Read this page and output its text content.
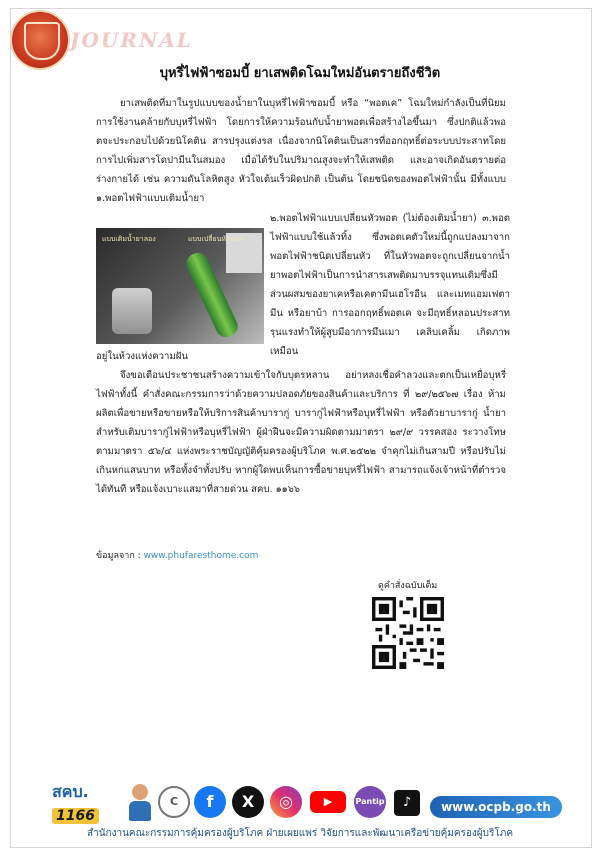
JOURNAL
บุหรี่ไฟฟ้าซอมบี้ ยาเสพติดโฉมใหม่อันตรายถึงชีวิต
ยาเสพติดที่มาในรูปแบบของน้ำยาในบุหรี่ไฟฟ้าซอมบี้ หรือ “พอตเค” โฉมใหม่กำลังเป็นที่นิยมการใช้งานคล้ายกับบุหรี่ไฟฟ้า โดยการให้ความร้อนกับน้ำยาพอตเพื่อสร้างไอขึ้นมา ซึ่งปกติแล้วพอตจะประกอบไปด้วยนิโคติน สารปรุงแต่งรส เนื่องจากนิโคตินเป็นสารที่ออกฤทธิ์ต่อระบบประสาทโดยการไปเพิ่มสารโดปามีนในสมอง เมื่อได้รับในปริมาณสูงจะทำให้เสพติด และอาจเกิดอันตรายต่อร่างกายได้ เช่น ความดันโลหิตสูง หัวใจเต้นเร็วผิดปกติ เป็นต้น โดยชนิดของพอตไฟฟ้านั้น มีทั้งแบบ ๑.พอตไฟฟ้าแบบเติมน้ำยา
แบบเติมน้ำยาลอง	แบบเปลี่ยนหัวพอต
๒.พอตไฟฟ้าแบบเปลี่ยนหัวพอต (ไม่ต้องเติมน้ำยา) ๓.พอตไฟฟ้าแบบใช้แล้วทิ้ง ซึ่งพอตเคตัวใหม่นี้ถูกแปลงมาจากพอตไฟฟ้าชนิดเปลี่ยนหัว ที่ในหัวพอตจะถูกเปลี่ยนจากน้ำยาพอตไฟฟ้าเป็นการนำสารเสพติดมาบรรจุแทนเดิมซึ่งมีส่วนผสมของยาเคหรือเคตามีนเฮโรอีน และเมทแอมเฟตามีน หรือยาบ้า การออกฤทธิ์พอตเค จะมีฤทธิ์หลอนประสาทรุนแรงทำให้ผู้สูบมีอาการมึนเมา เคลิบเคลิ้ม เกิดภาพเหมือน
อยู่ในห้วงแห่งความฝัน
จึงขอเตือนประชาชนสร้างความเข้าใจกับบุตรหลาน อย่าหลงเชื่อคำลวงและตกเป็นเหยื่อบุหรี่ไฟฟ้าทั้งนี้ คำสั่งคณะกรรมการว่าด้วยความปลอดภัยของสินค้าและบริการ ที่ ๒๙/๒๕๖๗ เรื่อง ห้ามผลิตเพื่อขายหรือขายหรือให้บริการสินค้าบารากู่ บารากู่ไฟฟ้าหรือบุหรี่ไฟฟ้า หรือตัวยาบารากู่ น้ำยาสำหรับเติมบารากู่ไฟฟ้าหรือบุหรี่ไฟฟ้า ผู้ฝ่าฝืนจะมีความผิดตามมาตรา ๒๙/๙ วรรคสอง ระวางโทษตามมาตรา ๕๖/๔ แห่งพระราชบัญญัติคุ้มครองผู้บริโภค พ.ศ.๒๕๒๒ จำคุกไม่เกินสามปี หรือปรับไม่เกินหกแสนบาท หรือทั้งจำทั้งปรับ หากผู้ใดพบเห็นการซื้อขายบุหรี่ไฟฟ้า สามารถแจ้งเจ้าหน้าที่ตำรวจได้ทันที หรือแจ้งเบาะแสมาที่สายด่วน สคบ. ๑๑๖๖
ข้อมูลจาก : www.phufaresthome.com
ดูคำสั่งฉบับเต็ม
สคบ.
1166
C	f	X	◎	▶	Pantip	♪	www.ocpb.go.th
สำนักงานคณะกรรมการคุ้มครองผู้บริโภค ฝ่ายเผยแพร่ วิจัยการและพัฒนาเครือข่ายคุ้มครองผู้บริโภค
